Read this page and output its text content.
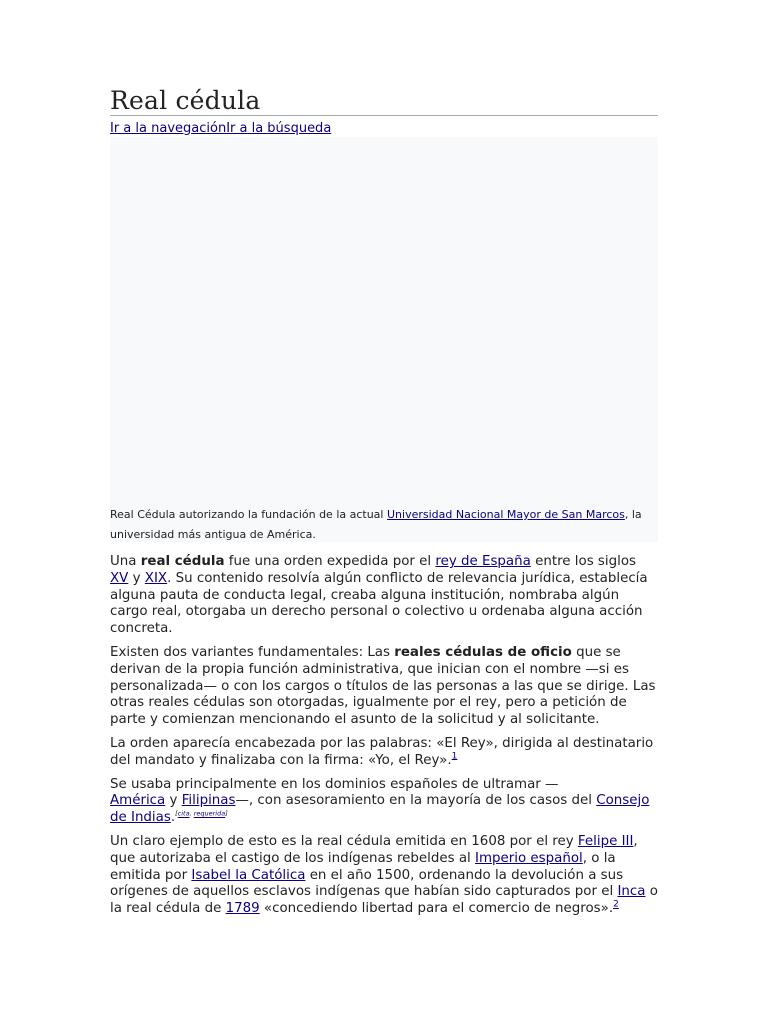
Real cédula
Ir a la navegaciónIr a la búsqueda
Real Cédula autorizando la fundación de la actual Universidad Nacional Mayor de San Marcos, la universidad más antigua de América.

Una real cédula fue una orden expedida por el rey de España entre los siglos XV y XIX. Su contenido resolvía algún conflicto de relevancia jurídica, establecía alguna pauta de conducta legal, creaba alguna institución, nombraba algún cargo real, otorgaba un derecho personal o colectivo u ordenaba alguna acción concreta.

Existen dos variantes fundamentales: Las reales cédulas de oficio que se derivan de la propia función administrativa, que inician con el nombre —si es personalizada— o con los cargos o títulos de las personas a las que se dirige. Las otras reales cédulas son otorgadas, igualmente por el rey, pero a petición de parte y comienzan mencionando el asunto de la solicitud y al solicitante.

La orden aparecía encabezada por las palabras: «El Rey», dirigida al destinatario del mandato y finalizaba con la firma: «Yo, el Rey».$^1$

Se usaba principalmente en los dominios españoles de ultramar —
América y Filipinas—, con asesoramiento en la mayoría de los casos del Consejo de Indias.[cita, requerida]

Un claro ejemplo de esto es la real cédula emitida en 1608 por el rey Felipe III, que autorizaba el castigo de los indígenas rebeldes al Imperio español, o la emitida por Isabel la Católica en el año 1500, ordenando la devolución a sus orígenes de aquellos esclavos indígenas que habían sido capturados por el Inca o la real cédula de 1789 «concediendo libertad para el comercio de negros».$^2$
